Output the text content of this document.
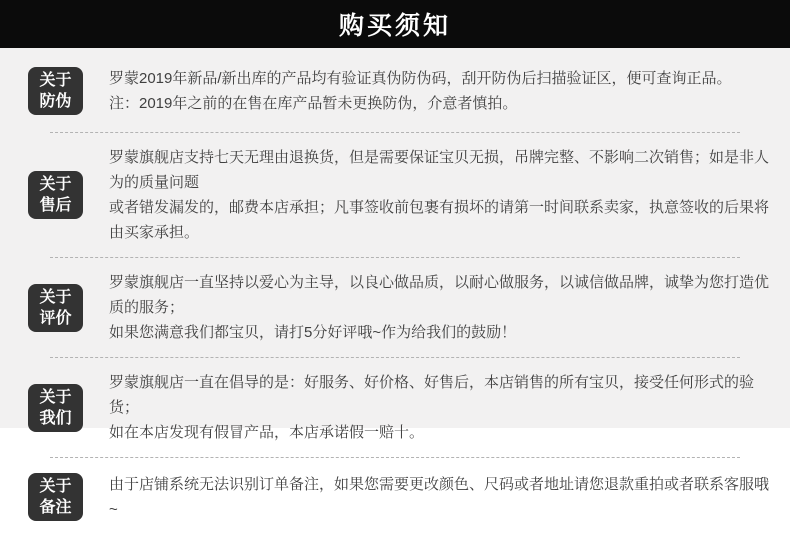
购买须知
关于
防伪

罗蒙2019年新品/新出库的产品均有验证真伪防伪码，刮开防伪后扫描验证区，便可查询正品。

注：2019年之前的在售在库产品暂未更换防伪，介意者慎拍。

关于
售后

罗蒙旗舰店支持七天无理由退换货，但是需要保证宝贝无损，吊牌完整、不影响二次销售；如是非人为的质量问题

或者错发漏发的，邮费本店承担；凡事签收前包裹有损坏的请第一时间联系卖家，执意签收的后果将由买家承担。

关于
评价

罗蒙旗舰店一直坚持以爱心为主导，以良心做品质，以耐心做服务，以诚信做品牌，诚挚为您打造优质的服务；

如果您满意我们都宝贝，请打5分好评哦~作为给我们的鼓励！

关于
我们

罗蒙旗舰店一直在倡导的是：好服务、好价格、好售后，本店销售的所有宝贝，接受任何形式的验货；

如在本店发现有假冒产品，本店承诺假一赔十。

关于
备注

由于店铺系统无法识别订单备注，如果您需要更改颜色、尺码或者地址请您退款重拍或者联系客服哦~
